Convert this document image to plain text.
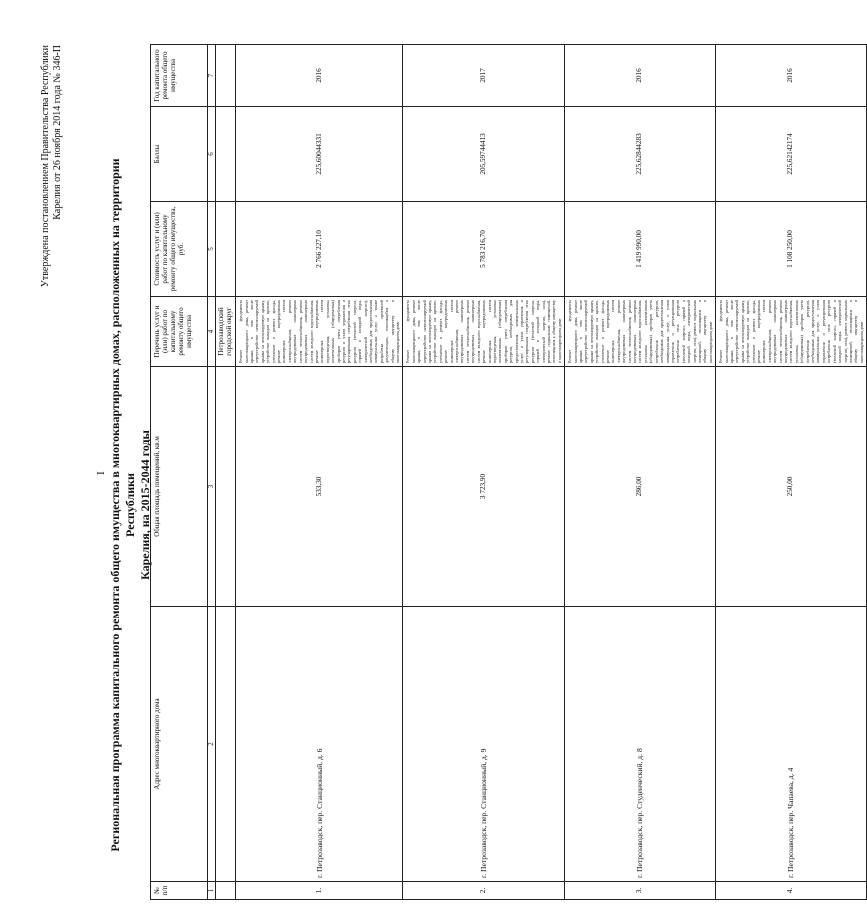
Утверждена постановлением Правительства Республики Карелия от 26 ноября 2014 года № 346-П
I Региональная программа капитального ремонта общего имущества в многоквартирных домах, расположенных на территории Республики Карелия, на 2015-2044 годы
№ п/п	Адрес многоквартирного дома	Общая площадь помещений, кв.м	Перечень услуг и (или) работ по капитальному ремонту общего имущества	Стоимость услуг и (или) работ по капитальному ремонту общего имущества, руб.	Баллы	Год капитального ремонта общего имущества
1	2	3	4	5	6	7
			Петрозаводский городской округ			
1.	г. Петрозаводск, пер. Станционный, д. 6	533,30	Ремонт фундамента многоквартирного дома, ремонт крыши, в том числе переустройство невентилируемой крыши на вентилируемую крышу, устройство выходов на кровлю, утепление и ремонт фасада, ремонт внутридомовых инженерных систем электроснабжения, ремонт внутридомовых инженерных систем теплоснабжения, ремонт внутридомовых инженерных систем холодного водоснабжения, ремонт внутридомовых инженерных систем водоотведения, установка коллективных (общедомовых) приборов учета потребления ресурсов и узлов управления и регулирования потребления этих ресурсов (тепловой энергии, горячей и холодной воды, электрической энергии), необходимых для предоставления коммунальных услуг, а также разработка проектной документации, относящейся к общему имуществу в многоквартирном доме	2 766 227,10	225,60044331	2016
2.	г. Петрозаводск, пер. Станционный, д. 9	3 723,90	Ремонт фундамента многоквартирного дома, ремонт крыши, в том числе переустройство невентилируемой крыши на вентилируемую крышу, устройство выходов на кровлю, утепление и ремонт фасада, ремонт внутридомовых инженерных систем электроснабжения, ремонт внутридомовых инженерных систем теплоснабжения, ремонт внутридомовых инженерных систем холодного водоснабжения, ремонт внутридомовых инженерных систем водоотведения, установка коллективных (общедомовых) приборов учета потребления ресурсов, необходимых для предоставления коммунальных услуг, и узлов управления и регулирования потребления этих ресурсов (тепловой энергии, горячей и холодной воды, электрической энергии, газа), ремонт подвальных помещений, относящихся к общему имуществу в многоквартирном доме	5 783 216,70	205,59744413	2017
3.	г. Петрозаводск, пер. Студенческий, д. 8	286,00	Ремонт фундамента многоквартирного дома, ремонт крыши, в том числе переустройство невентилируемой крыши на вентилируемую крышу, устройство выходов на кровлю, утепление и ремонт фасада, ремонт внутридомовых инженерных систем электроснабжения, ремонт внутридомовых инженерных систем теплоснабжения, ремонт внутридомовых инженерных систем холодного водоснабжения, установка коллективных (общедомовых) приборов учета потребления ресурсов, необходимых для предоставления коммунальных услуг, и узлов управления и регулирования потребления этих ресурсов (тепловой энергии, горячей и холодной воды, электрической энергии, газа), ремонт подвальных помещений, относящихся к общему имуществу в многоквартирном доме	1 419 990,00	225,62844283	2016
4.	г. Петрозаводск, пер. Чапаева, д. 4	250,00	Ремонт фундамента многоквартирного дома, ремонт крыши, в том числе переустройство невентилируемой крыши на вентилируемую крышу, устройство выходов на кровлю, утепление и ремонт фасада, ремонт внутридомовых инженерных систем электроснабжения, ремонт внутридомовых инженерных систем теплоснабжения, ремонт внутридомовых инженерных систем холодного водоснабжения, установка коллективных (общедомовых) приборов учета потребления ресурсов, необходимых для предоставления коммунальных услуг, и узлов управления и регулирования потребления этих ресурсов (тепловой энергии, горячей и холодной воды, электрической энергии, газа), ремонт подвальных помещений, относящихся к общему имуществу в многоквартирном доме	1 108 250,00	225,62142174	2016
